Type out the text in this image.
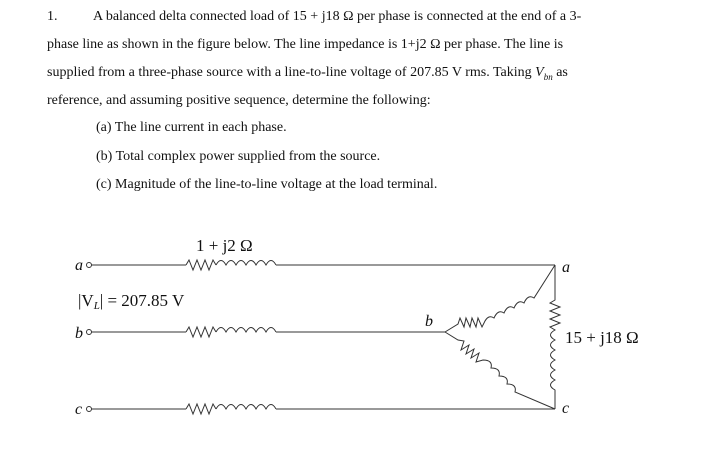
1.	A balanced delta connected load of 15 + j18 Ω per phase is connected at the end of a 3-
phase line as shown in the figure below. The line impedance is 1+j2 Ω per phase. The line is
supplied from a three-phase source with a line-to-line voltage of 207.85 V rms. Taking $V_{bn}$ as
reference, and assuming positive sequence, determine the following:
(a) The line current in each phase.
(b) Total complex power supplied from the source.
(c) Magnitude of the line-to-line voltage at the load terminal.
1 + j2 Ω
a
b
c
|VL| = 207.85 V
a
b
c
15 + j18 Ω
